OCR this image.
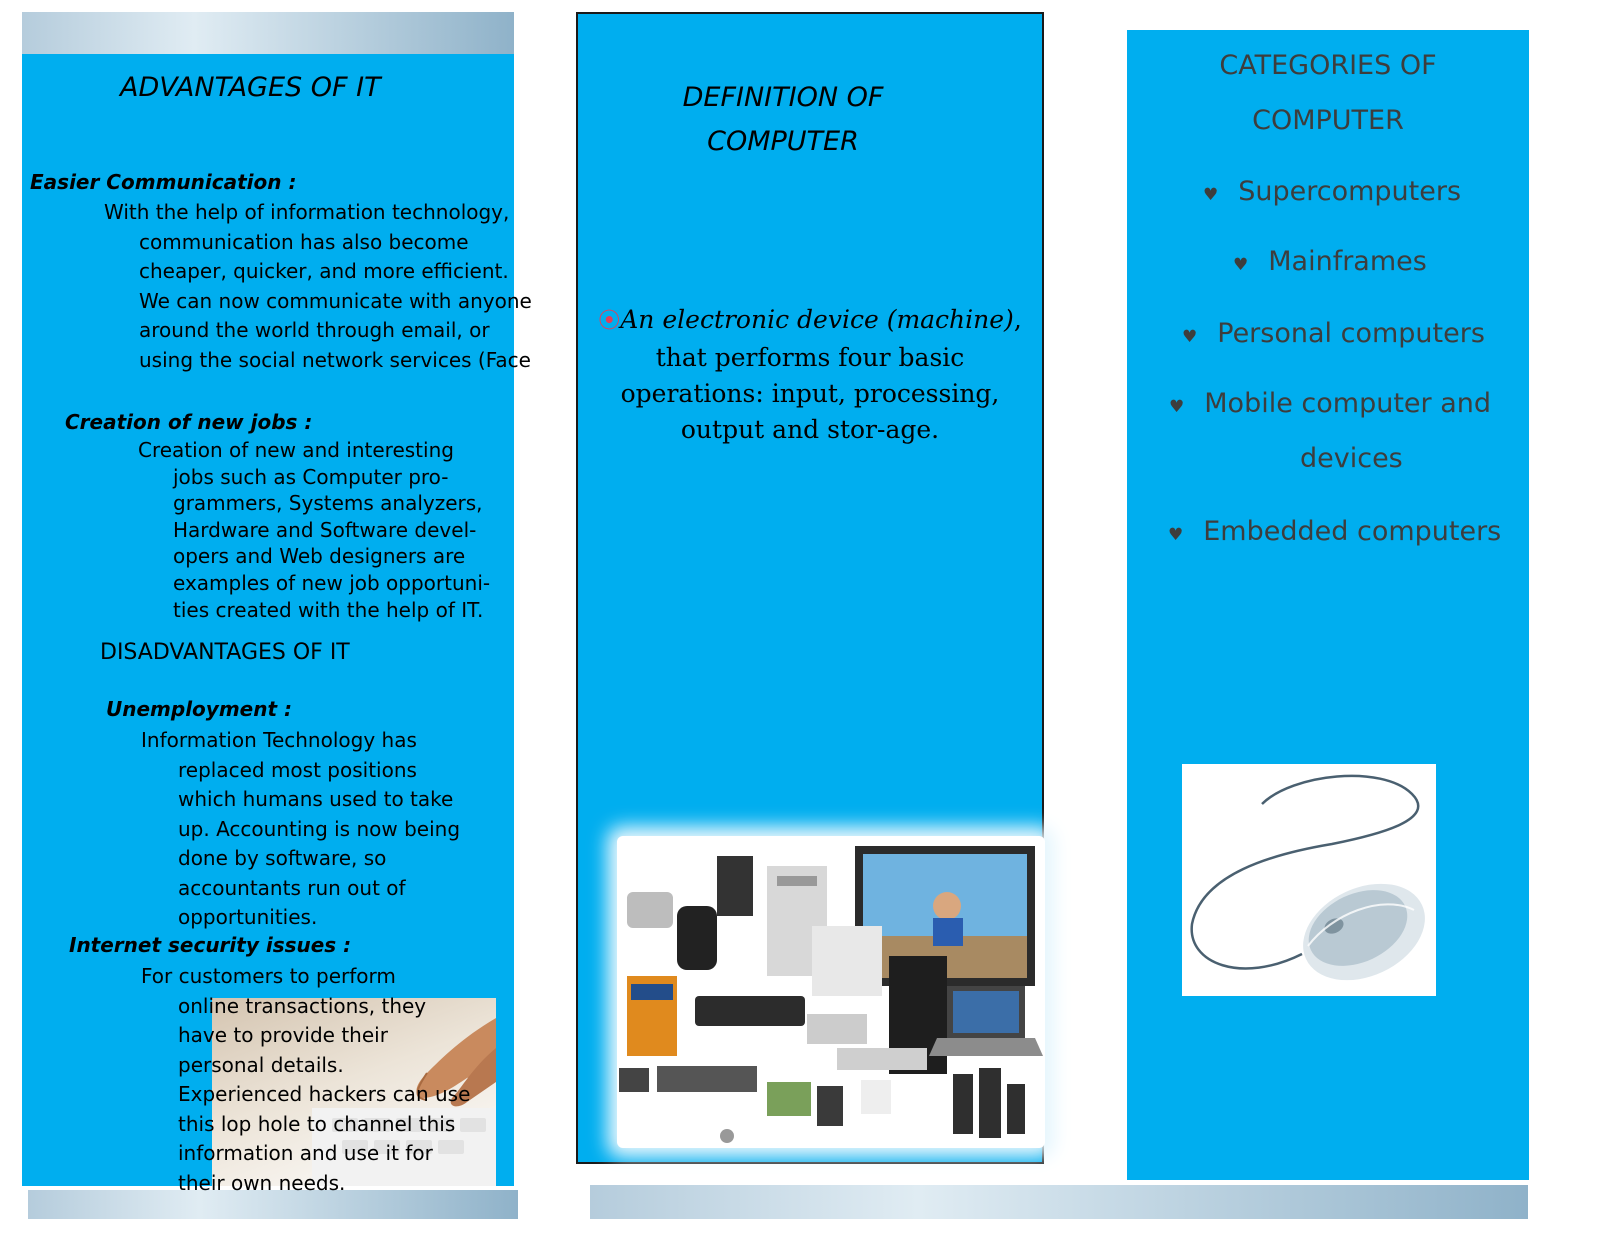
ADVANTAGES OF IT
Easier Communication :
With the help of information technology,
communication has also become
cheaper, quicker, and more efficient.
We can now communicate with anyone
around the world through email, or
using the social network services (Face
Creation of new jobs :
Creation of new and interesting
jobs such as Computer pro-
grammers, Systems analyzers,
Hardware and Software devel-
opers and Web designers are
examples of new job opportuni-
ties created with the help of IT.
DISADVANTAGES OF IT
Unemployment :
Information Technology has
replaced most positions
which humans used to take
up. Accounting is now being
done by software, so
accountants run out of
opportunities.
Internet security issues :
For customers to perform
online transactions, they
have to provide their
personal details.
Experienced hackers can use
this lop hole to channel this
information and use it for
their own needs.
DEFINITION OF
COMPUTER
⦿An electronic device (machine), that performs four basic operations: input, processing, output and stor-age.
CATEGORIES OF
COMPUTER
♥ Supercomputers
♥ Mainframes
♥ Personal computers
♥ Mobile computer and
devices
♥ Embedded computers
